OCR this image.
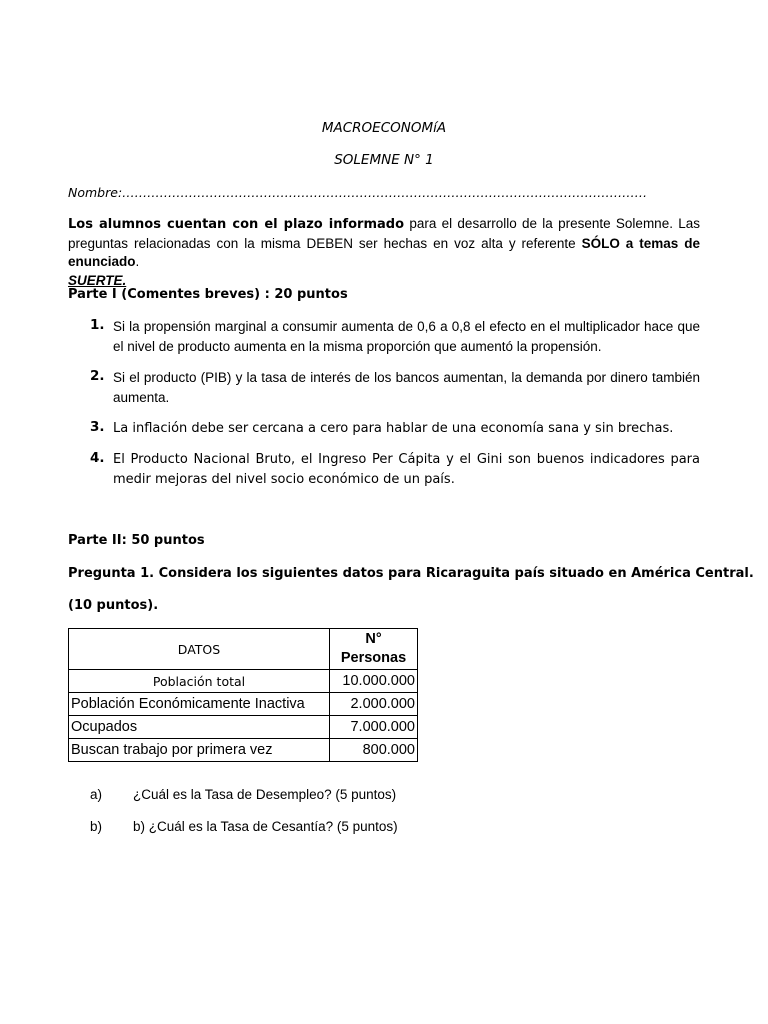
MACROECONOMíA
SOLEMNE N° 1
Nombre:………………………………………………………………………………………………………………
Los alumnos cuentan con el plazo informado para el desarrollo de la presente Solemne. Las preguntas relacionadas con la misma DEBEN ser hechas en voz alta y referente SÓLO a temas de enunciado.
SUERTE.
Parte I (Comentes breves) : 20 puntos
1. Si la propensión marginal a consumir aumenta de 0,6 a 0,8 el efecto en el multiplicador hace que el nivel de producto aumenta en la misma proporción que aumentó la propensión.
2. Si el producto (PIB) y la tasa de interés de los bancos aumentan, la demanda por dinero también aumenta.
3. La inflación debe ser cercana a cero para hablar de una economía sana y sin brechas.
4. El Producto Nacional Bruto, el Ingreso Per Cápita y el Gini son buenos indicadores para medir mejoras del nivel socio económico de un país.
Parte II: 50 puntos
Pregunta 1. Considera los siguientes datos para Ricaraguita país situado en América Central.
(10 puntos).
DATOS	N°
Personas
Población total	10.000.000
Población Económicamente Inactiva	2.000.000
Ocupados	7.000.000
Buscan trabajo por primera vez	800.000
a) ¿Cuál es la Tasa de Desempleo? (5 puntos)
b) b) ¿Cuál es la Tasa de Cesantía? (5 puntos)
